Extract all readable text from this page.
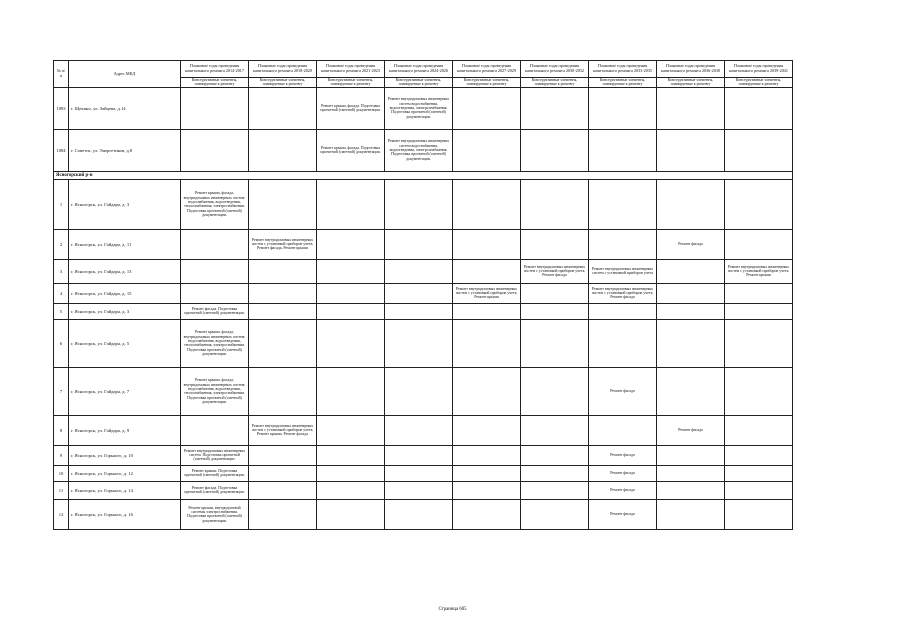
№ п/п	Адрес МКД	Плановые годы проведения капитального ремонта 2014-2017	Плановые годы проведения капитального ремонта 2018-2020	Плановые годы проведения капитального ремонта 2021-2023	Плановые годы проведения капитального ремонта 2024-2026	Плановые годы проведения капитального ремонта 2027-2029	Плановые годы проведения капитального ремонта 2030-2032	Плановые годы проведения капитального ремонта 2033-2035	Плановые годы проведения капитального ремонта 2036-2038	Плановые годы проведения капитального ремонта 2039-2041
		Конструктивные элементы, планируемые к ремонту	Конструктивные элементы, планируемые к ремонту	Конструктивные элементы, планируемые к ремонту	Конструктивные элементы, планируемые к ремонту	Конструктивные элементы, планируемые к ремонту	Конструктивные элементы, планируемые к ремонту	Конструктивные элементы, планируемые к ремонту	Конструктивные элементы, планируемые к ремонту	Конструктивные элементы, планируемые к ремонту
1083	г. Щекино, ул. Зайцева, д.14			Ремонт крыши, фасада. Подготовка проектной (сметной) документации.	Ремонт внутридомовых инженерных систем водоснабжения, водоотведения, электроснабжения. Подготовка проектной (сметной) документации.					
1084	г. Советск, ул. Энергетиков, д.8			Ремонт крыши, фасада. Подготовка проектной (сметной) документации.	Ремонт внутридомовых инженерных систем водоснабжения, водоотведения, электроснабжения. Подготовка проектной (сметной) документации.					
Ясногорский р-н										
1	г. Ясногорск, ул. Гайдара, д. 3	Ремонт крыши, фасада, внутридомовых инженерных систем: водоснабжения, водоотведения, теплоснабжения, электроснабжения. Подготовка проектной (сметной) документации.								
2	г. Ясногорск, ул. Гайдара, д. 11		Ремонт внутридомовых инженерных систем с установкой приборов учета, Ремонт фасада, Ремонт крыши						Ремонт фасада	
3	г. Ясногорск, ул. Гайдара, д. 13						Ремонт внутридомовых инженерных систем с установкой приборов учета, Ремонт фасада	Ремонт внутридомовых инженерных систем с установкой приборов учета		Ремонт внутридомовых инженерных систем с установкой приборов учета, Ремонт крыши
4	г. Ясногорск, ул. Гайдара, д. 15					Ремонт внутридомовых инженерных систем с установкой приборов учета, Ремонт крыши		Ремонт внутридомовых инженерных систем с установкой приборов учета, Ремонт фасада		
5	г. Ясногорск, ул. Гайдара, д. 3	Ремонт фасада. Подготовка проектной (сметной) документации.								
6	г. Ясногорск, ул. Гайдара, д. 5	Ремонт крыши, фасада, внутридомовых инженерных систем: водоснабжения, водоотведения, теплоснабжения, электроснабжения. Подготовка проектной (сметной) документации.								
7	г. Ясногорск, ул. Гайдара, д. 7	Ремонт крыши, фасада, внутридомовых инженерных систем: водоснабжения, водоотведения, теплоснабжения, электроснабжения. Подготовка проектной (сметной) документации.						Ремонт фасада		
8	г. Ясногорск, ул. Гайдара, д. 9		Ремонт внутридомовых инженерных систем с установкой приборов учета, Ремонт крыши, Ремонт фасада						Ремонт фасада	
9	г. Ясногорск, ул. Горького, д. 10	Ремонт внутридомовых инженерных систем. Подготовка проектной (сметной) документации.						Ремонт фасада		
10	г. Ясногорск, ул. Горького, д. 12	Ремонт крыши. Подготовка проектной (сметной) документации.						Ремонт фасада		
11	г. Ясногорск, ул. Горького, д. 14	Ремонт фасада. Подготовка проектной (сметной) документации.						Ремонт фасада		
12	г. Ясногорск, ул. Горького, д. 16	Ремонт крыши, внутридомовой системы электроснабжения. Подготовка проектной (сметной) документации.						Ремонт фасада		
Страница 605
